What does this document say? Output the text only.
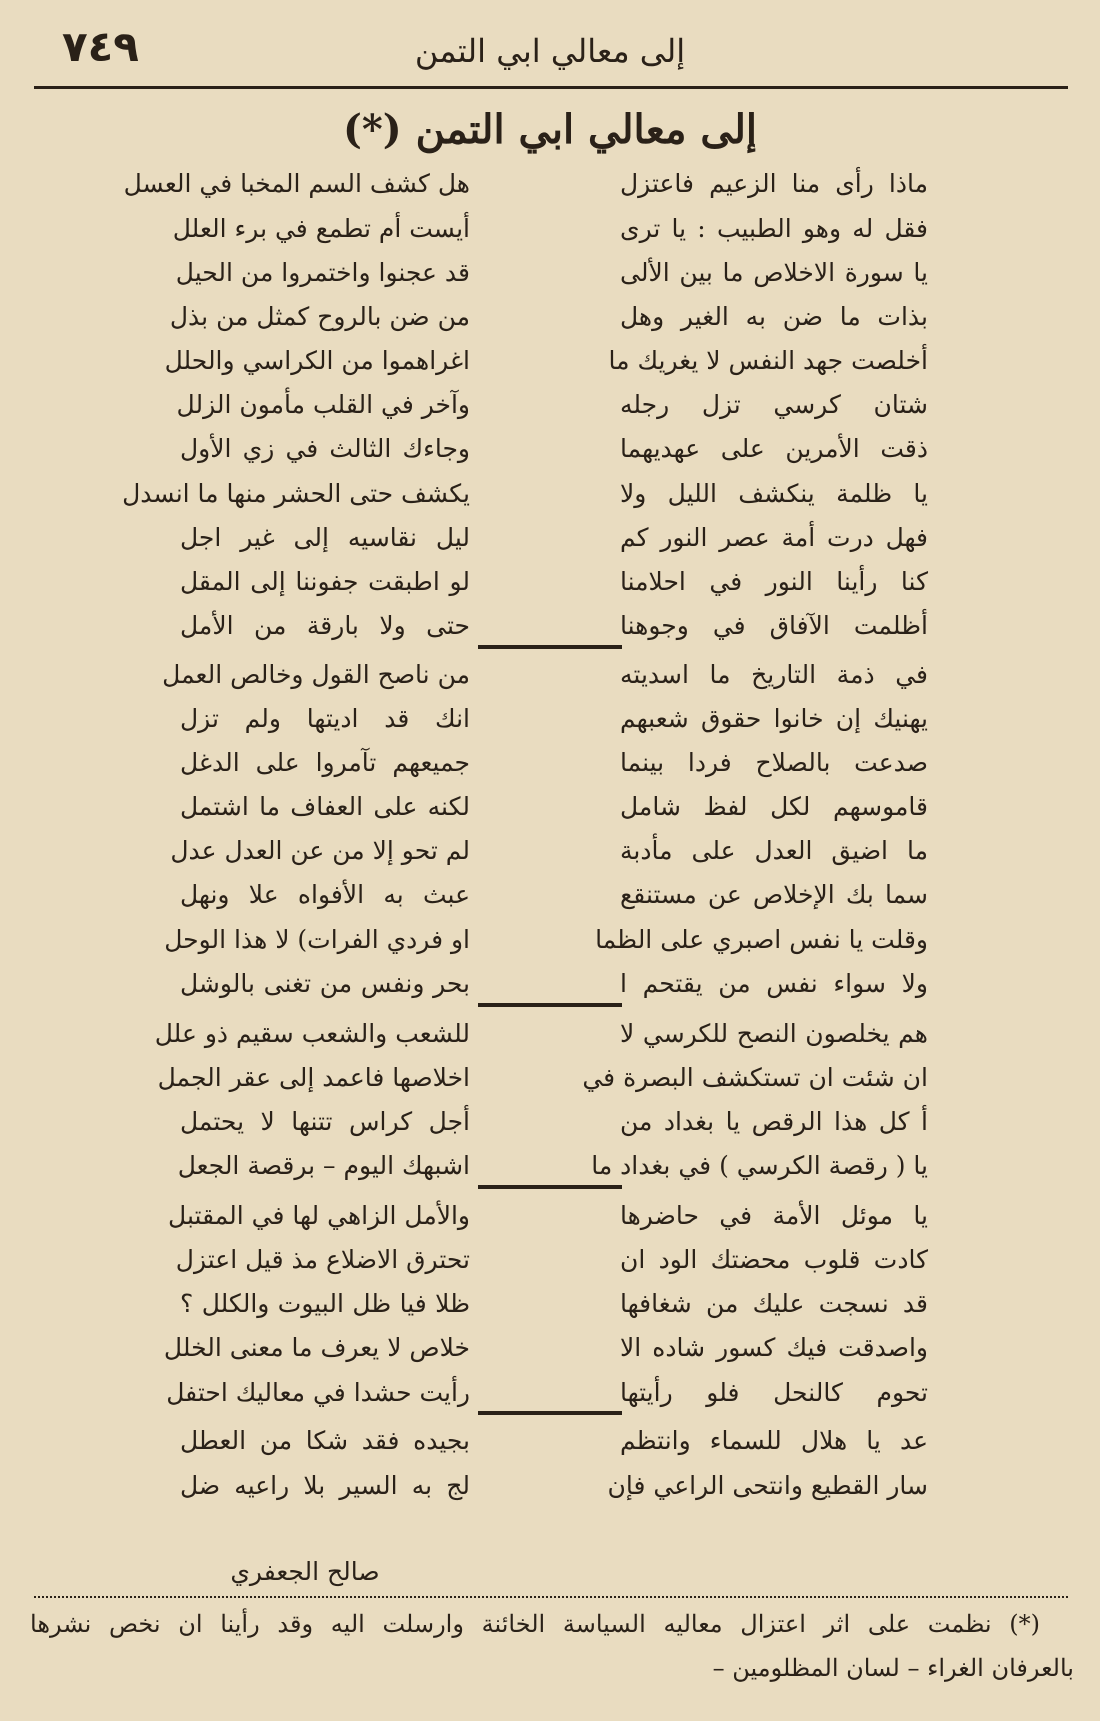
٧٤٩	إلى معالي ابي التمن
إلى معالي ابي التمن (*)
ماذا رأى منا الزعيم فاعتزل
هل كشف السم المخبا في العسل
فقل له وهو الطبيب : يا ترى
أيست أم تطمع في برء العلل
يا سورة الاخلاص ما بين الألى
قد عجنوا واختمروا من الحيل
بذات ما ضن به الغير وهل
من ضن بالروح كمثل من بذل
أخلصت جهد النفس لا يغريك ما
اغراهموا من الكراسي والحلل
شتان كرسي تزل رجله
وآخر في القلب مأمون الزلل
ذقت الأمرين على عهديهما
وجاءك الثالث في زي الأول
يا ظلمة ينكشف الليل ولا
يكشف حتى الحشر منها ما انسدل
فهل درت أمة عصر النور كم
ليل نقاسيه إلى غير اجل
كنا رأينا النور في احلامنا
لو اطبقت جفوننا إلى المقل
أظلمت الآفاق في وجوهنا
حتى ولا بارقة من الأمل
في ذمة التاريخ ما اسديته
من ناصح القول وخالص العمل
يهنيك إن خانوا حقوق شعبهم
انك قد اديتها ولم تزل
صدعت بالصلاح فردا بينما
جميعهم تآمروا على الدغل
قاموسهم لكل لفظ شامل
لكنه على العفاف ما اشتمل
ما اضيق العدل على مأدبة
لم تحو إلا من عن العدل عدل
سما بك الإخلاص عن مستنقع
عبث به الأفواه علا ونهل
وقلت يا نفس اصبري على الظما
او فردي الفرات) لا هذا الوحل
ولا سواء نفس من يقتحم ا
بحر ونفس من تغنى بالوشل
هم يخلصون النصح للكرسي لا
للشعب والشعب سقيم ذو علل
ان شئت ان تستكشف البصرة في
اخلاصها فاعمد إلى عقر الجمل
أ كل هذا الرقص يا بغداد من
أجل كراس تتنها لا يحتمل
يا ( رقصة الكرسي ) في بغداد ما
اشبهك اليوم – برقصة الجعل
يا موئل الأمة في حاضرها
والأمل الزاهي لها في المقتبل
كادت قلوب محضتك الود ان
تحترق الاضلاع مذ قيل اعتزل
قد نسجت عليك من شغافها
ظلا فيا ظل البيوت والكلل ؟
واصدقت فيك كسور شاده الا
خلاص لا يعرف ما معنى الخلل
تحوم كالنحل فلو رأيتها
رأيت حشدا في معاليك احتفل
عد يا هلال للسماء وانتظم
بجيده فقد شكا من العطل
سار القطيع وانتحى الراعي فإن
لج به السير بلا راعيه ضل
صالح الجعفري
(*) نظمت على اثر اعتزال معاليه السياسة الخائنة وارسلت اليه وقد رأينا ان نخص نشرها
بالعرفان الغراء – لسان المظلومين –
